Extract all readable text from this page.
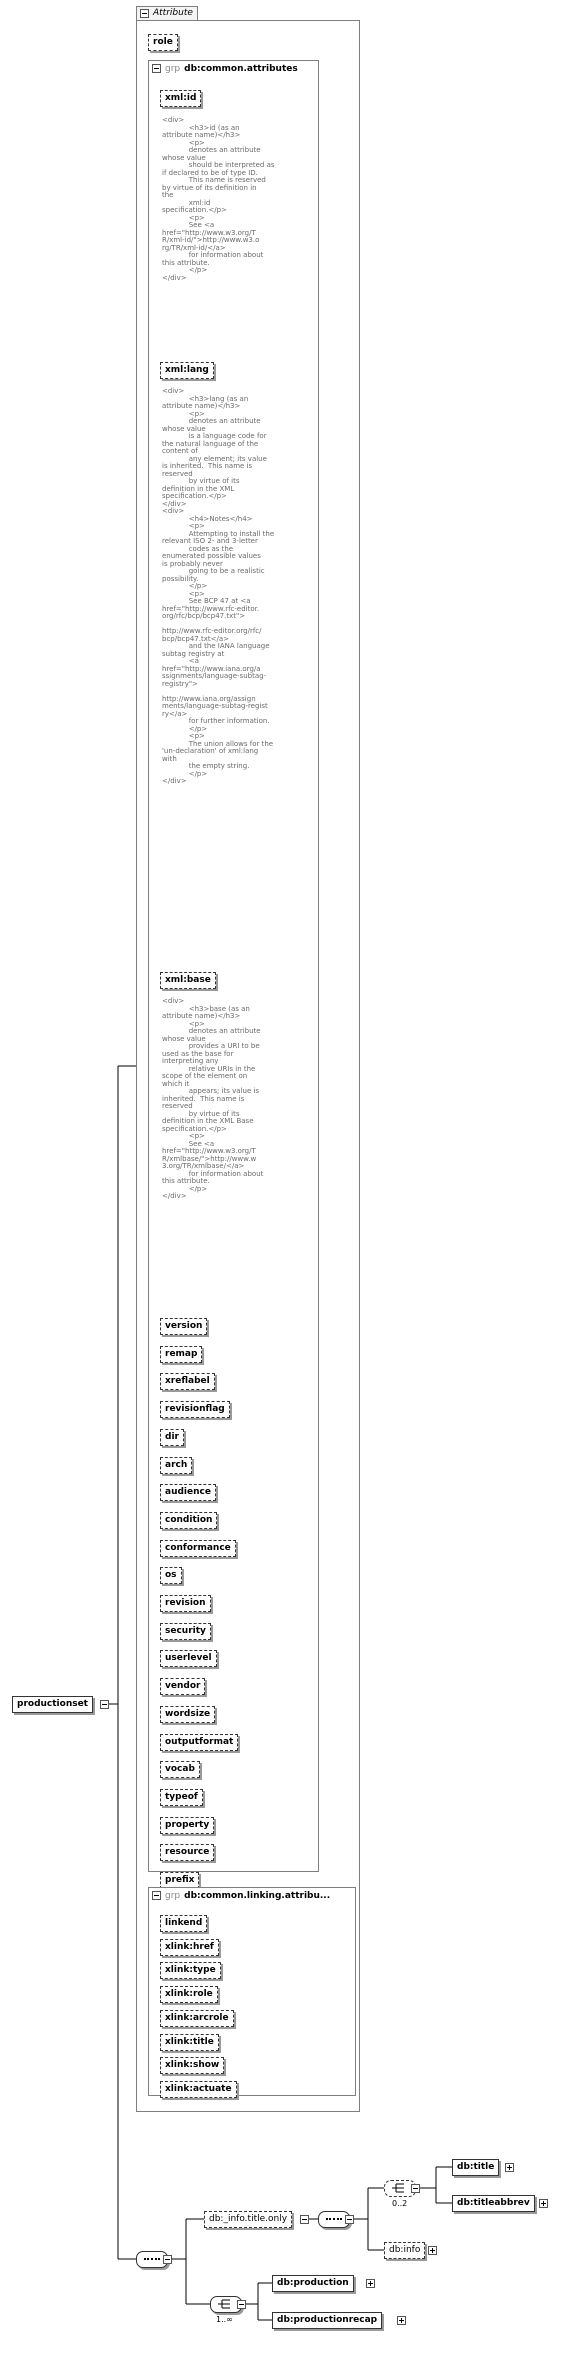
Attribute
role
grp db:common.attributes
xml:id
<div>
<h3>id (as an
attribute name)</h3>
<p>
denotes an attribute
whose value
should be interpreted as
if declared to be of type ID.
This name is reserved
by virtue of its definition in
the
xml:id
specification.</p>
<p>
See <a
href="http://www.w3.org/T
R/xml-id/">http://www.w3.o
rg/TR/xml-id/</a>
for information about
this attribute.
</p>
</div>
xml:lang
<div>
<h3>lang (as an
attribute name)</h3>
<p>
denotes an attribute
whose value
is a language code for
the natural language of the
content of
any element; its value
is inherited.  This name is
reserved
by virtue of its
definition in the XML
specification.</p>
</div>
<div>
<h4>Notes</h4>
<p>
Attempting to install the
relevant ISO 2- and 3-letter
codes as the
enumerated possible values
is probably never
going to be a realistic
possibility.
</p>
<p>
See BCP 47 at <a
href="http://www.rfc-editor.
org/rfc/bcp/bcp47.txt">

http://www.rfc-editor.org/rfc/
bcp/bcp47.txt</a>
and the IANA language
subtag registry at
<a
href="http://www.iana.org/a
ssignments/language-subtag-
registry">

http://www.iana.org/assign
ments/language-subtag-regist
ry</a>
for further information.
</p>
<p>
The union allows for the
'un-declaration' of xml:lang
with
the empty string.
</p>
</div>
xml:base
<div>
<h3>base (as an
attribute name)</h3>
<p>
denotes an attribute
whose value
provides a URI to be
used as the base for
interpreting any
relative URIs in the
scope of the element on
which it
appears; its value is
inherited.  This name is
reserved
by virtue of its
definition in the XML Base
specification.</p>
<p>
See <a
href="http://www.w3.org/T
R/xmlbase/">http://www.w
3.org/TR/xmlbase/</a>
for information about
this attribute.
</p>
</div>
version
remap
xreflabel
revisionflag
dir
arch
audience
condition
conformance
os
revision
security
userlevel
vendor
wordsize
outputformat
vocab
typeof
property
resource
prefix
grp db:common.linking.attribu...
linkend
xlink:href
xlink:type
xlink:role
xlink:arcrole
xlink:title
xlink:show
xlink:actuate
productionset
db:_info.title.only
0..2
db:title
db:titleabbrev
db:info
1..∞
db:production
db:productionrecap
